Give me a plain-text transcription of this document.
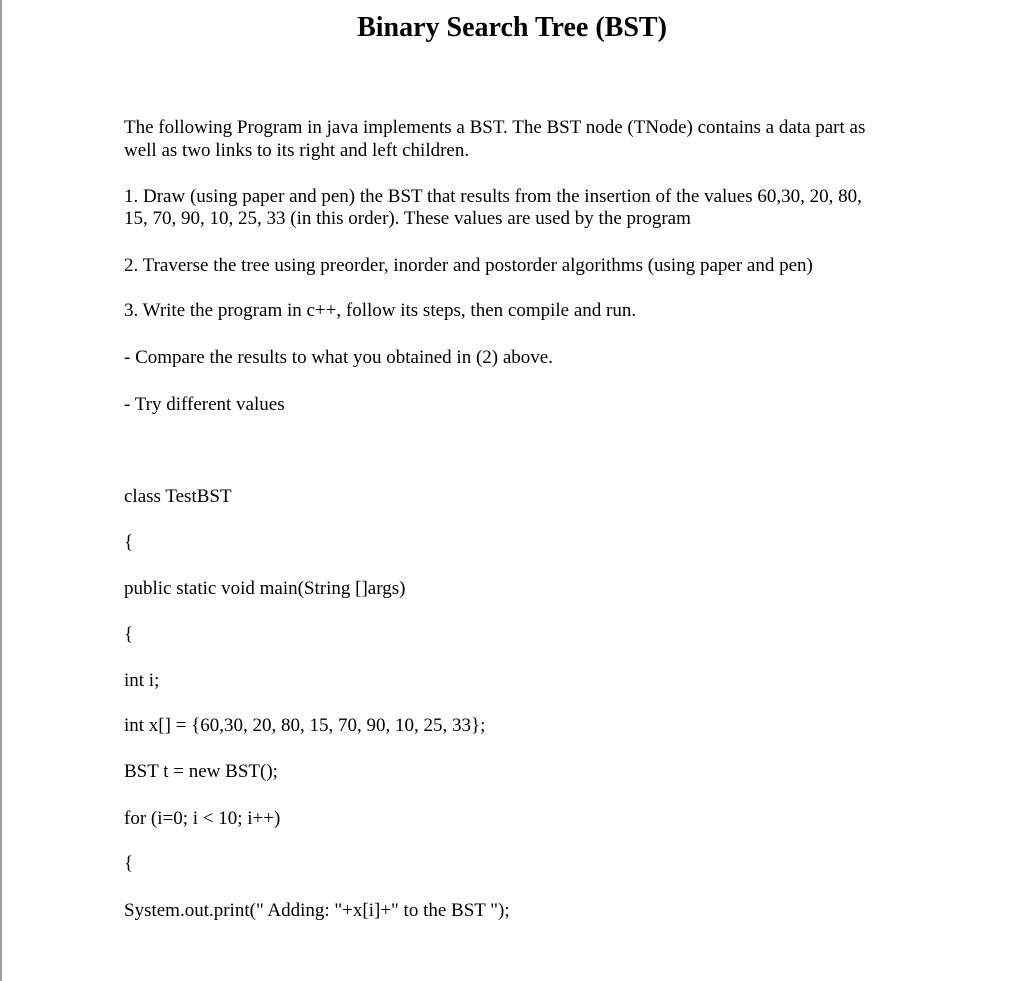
Binary Search Tree (BST)

The following Program in java implements a BST. The BST node (TNode) contains a data part as

well as two links to its right and left children.

1. Draw (using paper and pen) the BST that results from the insertion of the values 60,30, 20, 80,

15, 70, 90, 10, 25, 33 (in this order). These values are used by the program

2. Traverse the tree using preorder, inorder and postorder algorithms (using paper and pen)

3. Write the program in c++, follow its steps, then compile and run.

- Compare the results to what you obtained in (2) above.

- Try different values

class TestBST

{

public static void main(String []args)

{

int i;

int x[] = {60,30, 20, 80, 15, 70, 90, 10, 25, 33};

BST t = new BST();

for (i=0; i < 10; i++)

{

System.out.print(" Adding: "+x[i]+" to the BST ");
